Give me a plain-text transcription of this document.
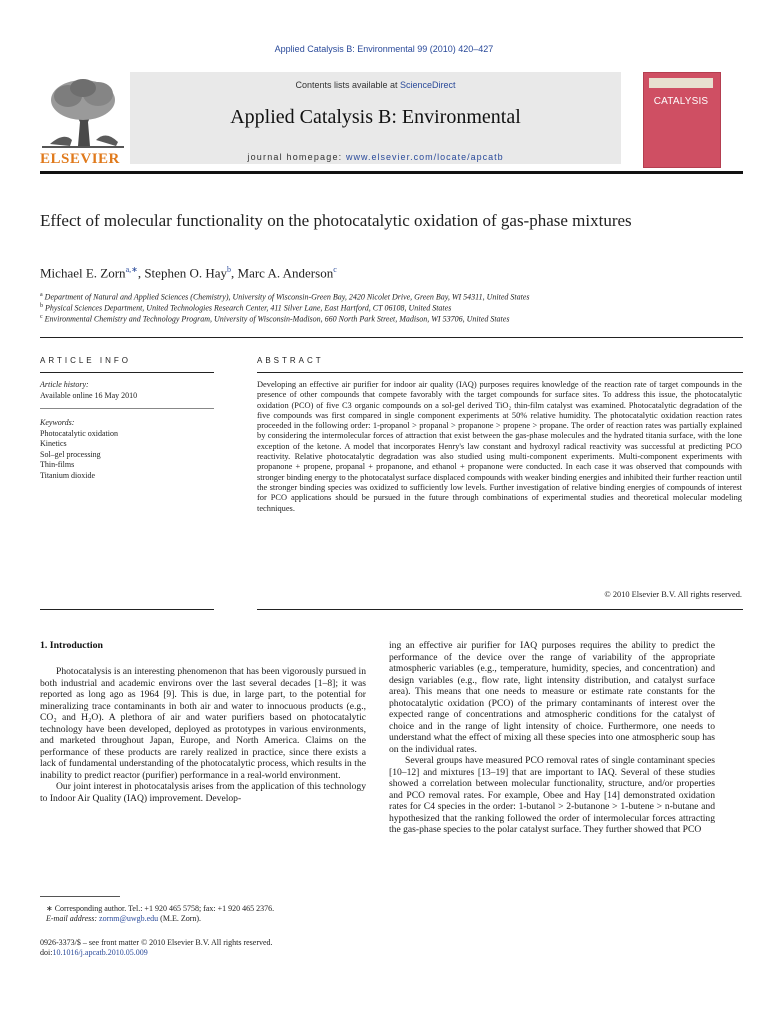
Applied Catalysis B: Environmental 99 (2010) 420–427
ELSEVIER
Contents lists available at ScienceDirect
Applied Catalysis B: Environmental
journal homepage: www.elsevier.com/locate/apcatb
CATALYSIS
Effect of molecular functionality on the photocatalytic oxidation of gas-phase mixtures
Michael E. Zorn$^{a,∗}$, Stephen O. Hay$^b$, Marc A. Anderson$^c$
$^a$ Department of Natural and Applied Sciences (Chemistry), University of Wisconsin-Green Bay, 2420 Nicolet Drive, Green Bay, WI 54311, United States
$^b$ Physical Sciences Department, United Technologies Research Center, 411 Silver Lane, East Hartford, CT 06108, United States
$^c$ Environmental Chemistry and Technology Program, University of Wisconsin-Madison, 660 North Park Street, Madison, WI 53706, United States
ARTICLE INFO
Article history:
Available online 16 May 2010
Keywords:
Photocatalytic oxidation
Kinetics
Sol–gel processing
Thin-films
Titanium dioxide
ABSTRACT
Developing an effective air purifier for indoor air quality (IAQ) purposes requires knowledge of the reaction rate of target compounds in the presence of other compounds that compete favorably with the target compounds for surface sites. To address this issue, the photocatalytic oxidation (PCO) of five C3 organic compounds on a sol-gel derived TiO₂ thin-film catalyst was examined. Photocatalytic degradation of the five compounds was first compared in single component experiments at 50% relative humidity. The photocatalytic oxidation reaction rates proceeded in the following order: 1-propanol > propanal > propanone > propene > propane. The order of reaction rates was partially explained by considering the intermolecular forces of attraction that exist between the gas-phase molecules and the hydrated titania surface, with the lone exception of the ketone. A model that incorporates Henry's law constant and hydroxyl radical reactivity was successful at predicting PCO reactivity. Relative photocatalytic degradation was also studied using multi-component experiments. Multi-component experiments with propanone + propene, propanal + propanone, and ethanol + propanone were conducted. In each case it was observed that compounds with stronger binding energy to the photocatalyst surface displaced compounds with weaker binding energies and inhibited their further reaction until the stronger binding species was oxidized to sufficiently low levels. Further investigation of relative binding energies of compounds of interest for PCO applications should be pursued in the future through combinations of experimental studies and theoretical molecular modeling techniques.
© 2010 Elsevier B.V. All rights reserved.
1. Introduction

Photocatalysis is an interesting phenomenon that has been vigorously pursued in both industrial and academic environs over the last several decades [1–8]; it was reported as long ago as 1964 [9]. This is due, in large part, to the potential for mineralizing trace contaminants in both air and water to innocuous products (e.g., CO₂ and H₂O). A plethora of air and water purifiers based on photocatalytic technology have been developed, deployed as prototypes in various environments, and marketed throughout Japan, Europe, and North America. Claims on the performance of these products are rarely realized in practice, since there exists a lack of fundamental understanding of the photocatalytic process, which results in the inability to predict reactor (purifier) performance in a real-world environment.

Our joint interest in photocatalysis arises from the application of this technology to Indoor Air Quality (IAQ) improvement. Develop-

ing an effective air purifier for IAQ purposes requires the ability to predict the performance of the device over the range of variability of the appropriate atmospheric variables (e.g., temperature, humidity, species, and concentration) and design variables (e.g., flow rate, light intensity distribution, and catalyst surface area). This means that one needs to measure or estimate rate constants for the photocatalytic oxidation (PCO) of the primary contaminants of interest over the expected range of concentrations and atmospheric conditions for the catalyst of choice and in the range of light intensity of choice. Furthermore, one needs to understand what the effect of mixing all these species into one atmospheric soup has on the individual rates.

Several groups have measured PCO removal rates of single contaminant species [10–12] and mixtures [13–19] that are important to IAQ. Several of these studies showed a correlation between molecular functionality, structure, and/or properties and PCO removal rates. For example, Obee and Hay [14] demonstrated oxidation rates for C4 species in the order: 1-butanol > 2-butanone > 1-butene > n-butane and hypothesized that the ranking followed the order of intermolecular forces attracting the gas-phase species to the polar catalyst surface. They further showed that PCO

∗ Corresponding author. Tel.: +1 920 465 5758; fax: +1 920 465 2376.
E-mail address: zornm@uwgb.edu (M.E. Zorn).
0926-3373/$ – see front matter © 2010 Elsevier B.V. All rights reserved.
doi:10.1016/j.apcatb.2010.05.009
